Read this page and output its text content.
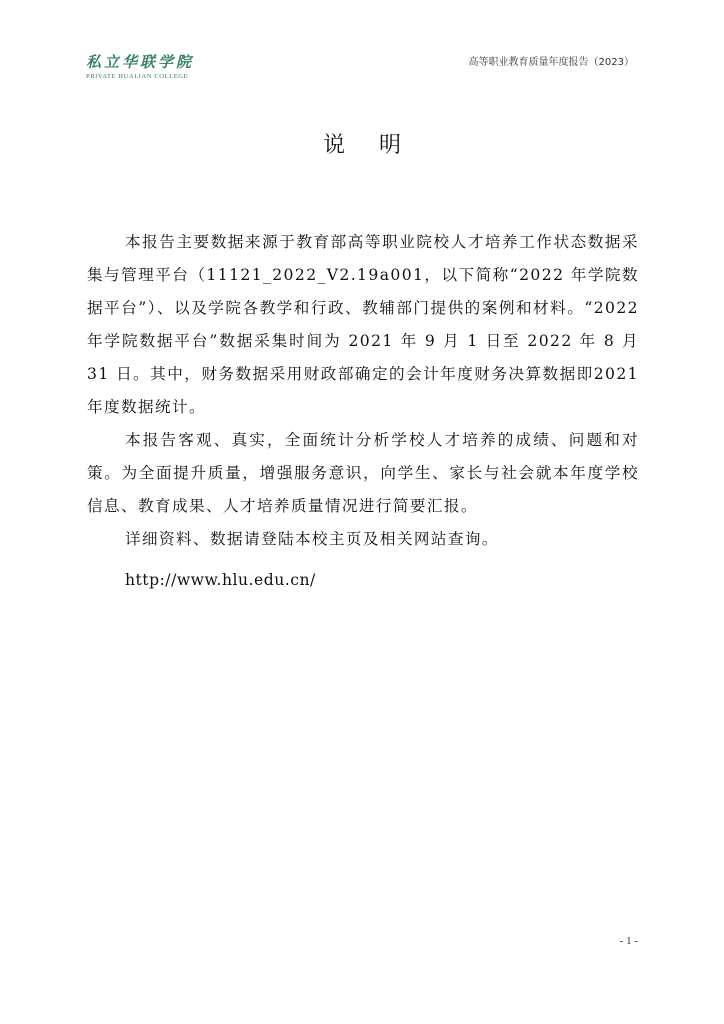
私立华联学院
PRIVATE HUALIAN COLLEGE
高等职业教育质量年度报告（2023）
说明

本报告主要数据来源于教育部高等职业院校人才培养工作状态数据采集与管理平台（11121_2022_V2.19a001，以下简称“2022 年学院数据平台”）、以及学院各教学和行政、教辅部门提供的案例和材料。“2022 年学院数据平台”数据采集时间为 2021 年 9 月 1 日至 2022 年 8 月 31 日。其中，财务数据采用财政部确定的会计年度财务决算数据即2021年度数据统计。

本报告客观、真实，全面统计分析学校人才培养的成绩、问题和对策。为全面提升质量，增强服务意识，向学生、家长与社会就本年度学校信息、教育成果、人才培养质量情况进行简要汇报。

详细资料、数据请登陆本校主页及相关网站查询。

http://www.hlu.edu.cn/

- 1 -
